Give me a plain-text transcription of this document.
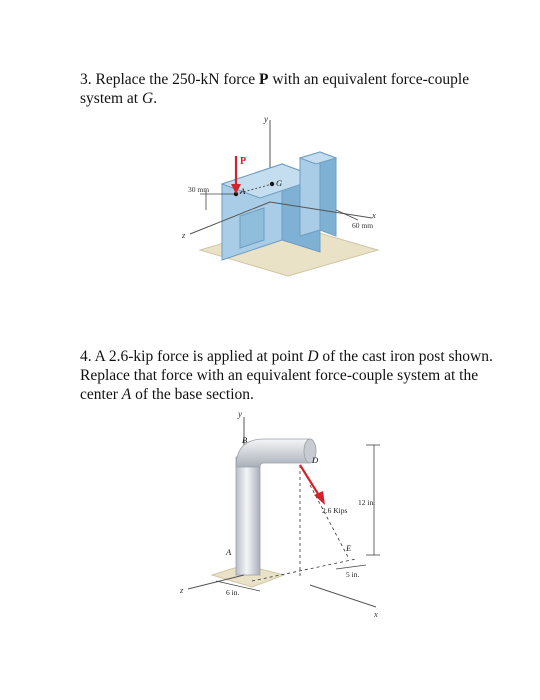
3. Replace the 250-kN force P with an equivalent force-couple system at G.
y
P
A
G
30 mm
60 mm
x
z
4. A 2.6-kip force is applied at point D of the cast iron post shown. Replace that force with an equivalent force-couple system at the center A of the base section.
y
B
D
2.6 Kips
12 in.
E
A
6 in.
5 in.
x
z
